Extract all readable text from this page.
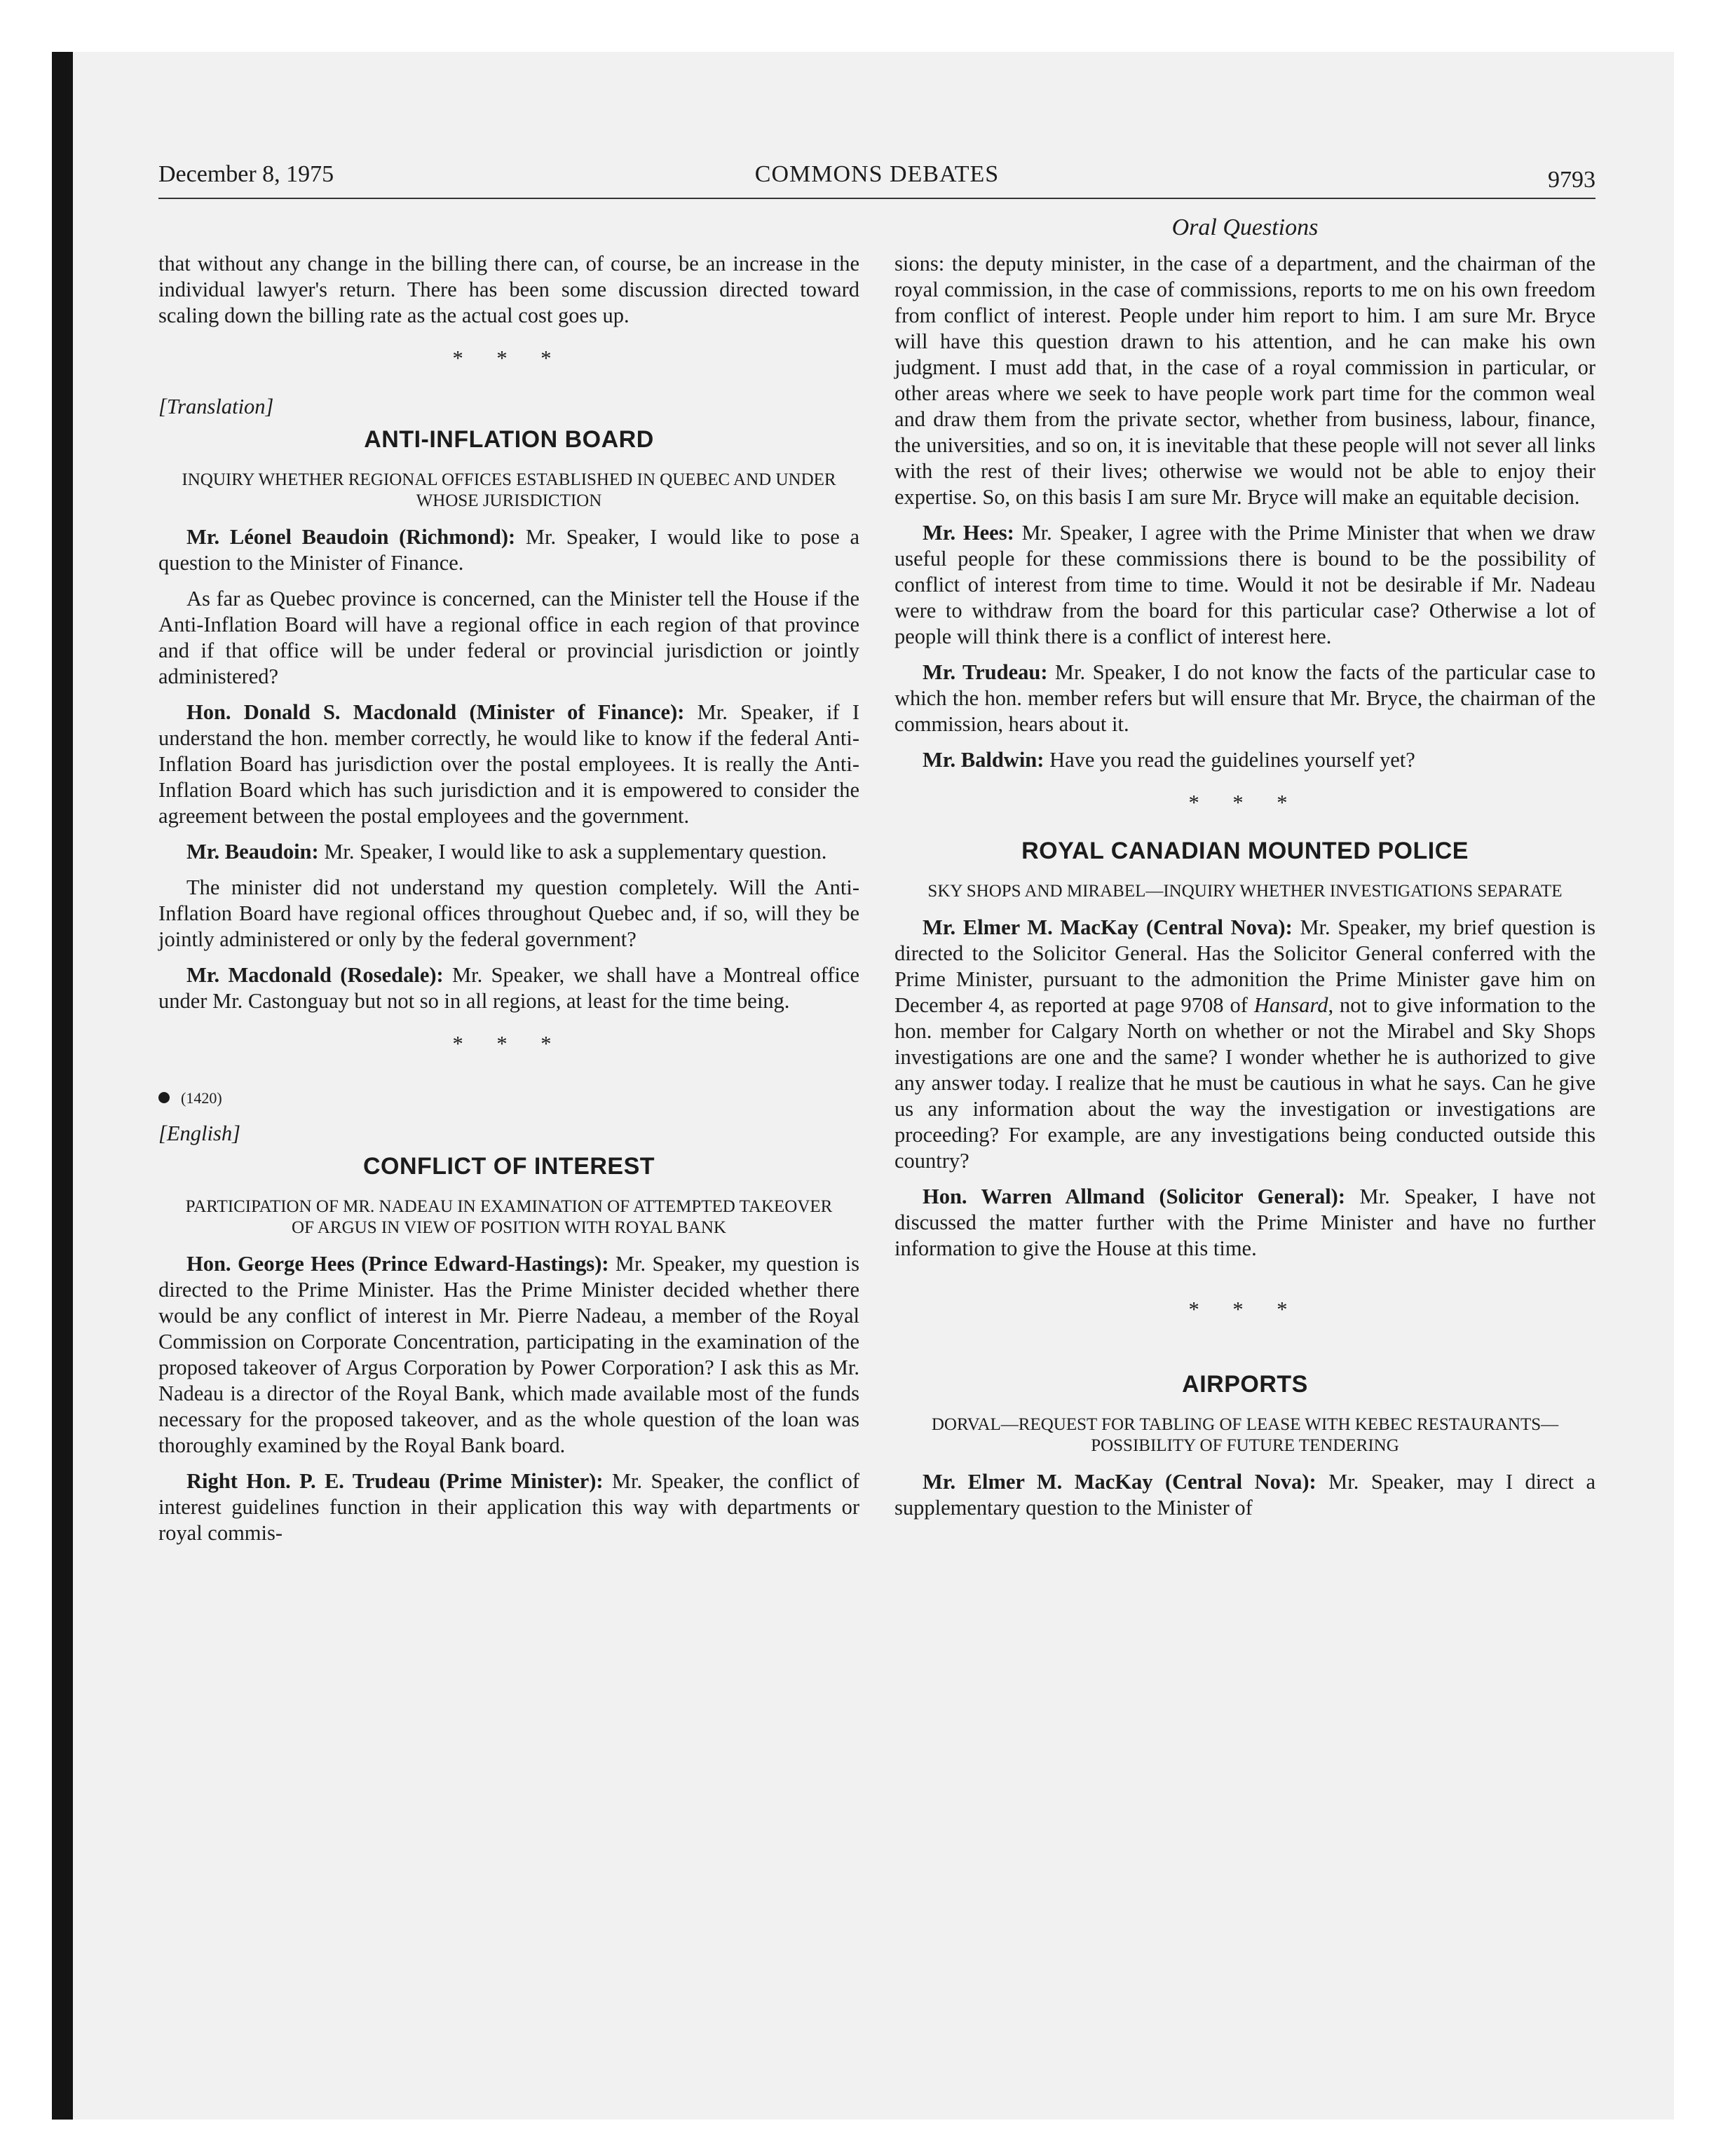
December 8, 1975	COMMONS DEBATES	9793
Oral Questions

that without any change in the billing there can, of course, be an increase in the individual lawyer's return. There has been some discussion directed toward scaling down the billing rate as the actual cost goes up.

* * *
[Translation]
ANTI-INFLATION BOARD
INQUIRY WHETHER REGIONAL OFFICES ESTABLISHED IN QUEBEC AND UNDER WHOSE JURISDICTION

Mr. Léonel Beaudoin (Richmond): Mr. Speaker, I would like to pose a question to the Minister of Finance.

As far as Quebec province is concerned, can the Minister tell the House if the Anti-Inflation Board will have a regional office in each region of that province and if that office will be under federal or provincial jurisdiction or jointly administered?

Hon. Donald S. Macdonald (Minister of Finance): Mr. Speaker, if I understand the hon. member correctly, he would like to know if the federal Anti-Inflation Board has jurisdiction over the postal employees. It is really the Anti-Inflation Board which has such jurisdiction and it is empowered to consider the agreement between the postal employees and the government.

Mr. Beaudoin: Mr. Speaker, I would like to ask a supplementary question.

The minister did not understand my question completely. Will the Anti-Inflation Board have regional offices throughout Quebec and, if so, will they be jointly administered or only by the federal government?

Mr. Macdonald (Rosedale): Mr. Speaker, we shall have a Montreal office under Mr. Castonguay but not so in all regions, at least for the time being.

* * *
(1420)
[English]
CONFLICT OF INTEREST
PARTICIPATION OF MR. NADEAU IN EXAMINATION OF ATTEMPTED TAKEOVER OF ARGUS IN VIEW OF POSITION WITH ROYAL BANK

Hon. George Hees (Prince Edward-Hastings): Mr. Speaker, my question is directed to the Prime Minister. Has the Prime Minister decided whether there would be any conflict of interest in Mr. Pierre Nadeau, a member of the Royal Commission on Corporate Concentration, participating in the examination of the proposed takeover of Argus Corporation by Power Corporation? I ask this as Mr. Nadeau is a director of the Royal Bank, which made available most of the funds necessary for the proposed takeover, and as the whole question of the loan was thoroughly examined by the Royal Bank board.

Right Hon. P. E. Trudeau (Prime Minister): Mr. Speaker, the conflict of interest guidelines function in their application this way with departments or royal commis-

sions: the deputy minister, in the case of a department, and the chairman of the royal commission, in the case of commissions, reports to me on his own freedom from conflict of interest. People under him report to him. I am sure Mr. Bryce will have this question drawn to his attention, and he can make his own judgment. I must add that, in the case of a royal commission in particular, or other areas where we seek to have people work part time for the common weal and draw them from the private sector, whether from business, labour, finance, the universities, and so on, it is inevitable that these people will not sever all links with the rest of their lives; otherwise we would not be able to enjoy their expertise. So, on this basis I am sure Mr. Bryce will make an equitable decision.

Mr. Hees: Mr. Speaker, I agree with the Prime Minister that when we draw useful people for these commissions there is bound to be the possibility of conflict of interest from time to time. Would it not be desirable if Mr. Nadeau were to withdraw from the board for this particular case? Otherwise a lot of people will think there is a conflict of interest here.

Mr. Trudeau: Mr. Speaker, I do not know the facts of the particular case to which the hon. member refers but will ensure that Mr. Bryce, the chairman of the commission, hears about it.

Mr. Baldwin: Have you read the guidelines yourself yet?

* * *
ROYAL CANADIAN MOUNTED POLICE
SKY SHOPS AND MIRABEL—INQUIRY WHETHER INVESTIGATIONS SEPARATE

Mr. Elmer M. MacKay (Central Nova): Mr. Speaker, my brief question is directed to the Solicitor General. Has the Solicitor General conferred with the Prime Minister, pursuant to the admonition the Prime Minister gave him on December 4, as reported at page 9708 of Hansard, not to give information to the hon. member for Calgary North on whether or not the Mirabel and Sky Shops investigations are one and the same? I wonder whether he is authorized to give any answer today. I realize that he must be cautious in what he says. Can he give us any information about the way the investigation or investigations are proceeding? For example, are any investigations being conducted outside this country?

Hon. Warren Allmand (Solicitor General): Mr. Speaker, I have not discussed the matter further with the Prime Minister and have no further information to give the House at this time.

* * *
AIRPORTS
DORVAL—REQUEST FOR TABLING OF LEASE WITH KEBEC RESTAURANTS—POSSIBILITY OF FUTURE TENDERING

Mr. Elmer M. MacKay (Central Nova): Mr. Speaker, may I direct a supplementary question to the Minister of
